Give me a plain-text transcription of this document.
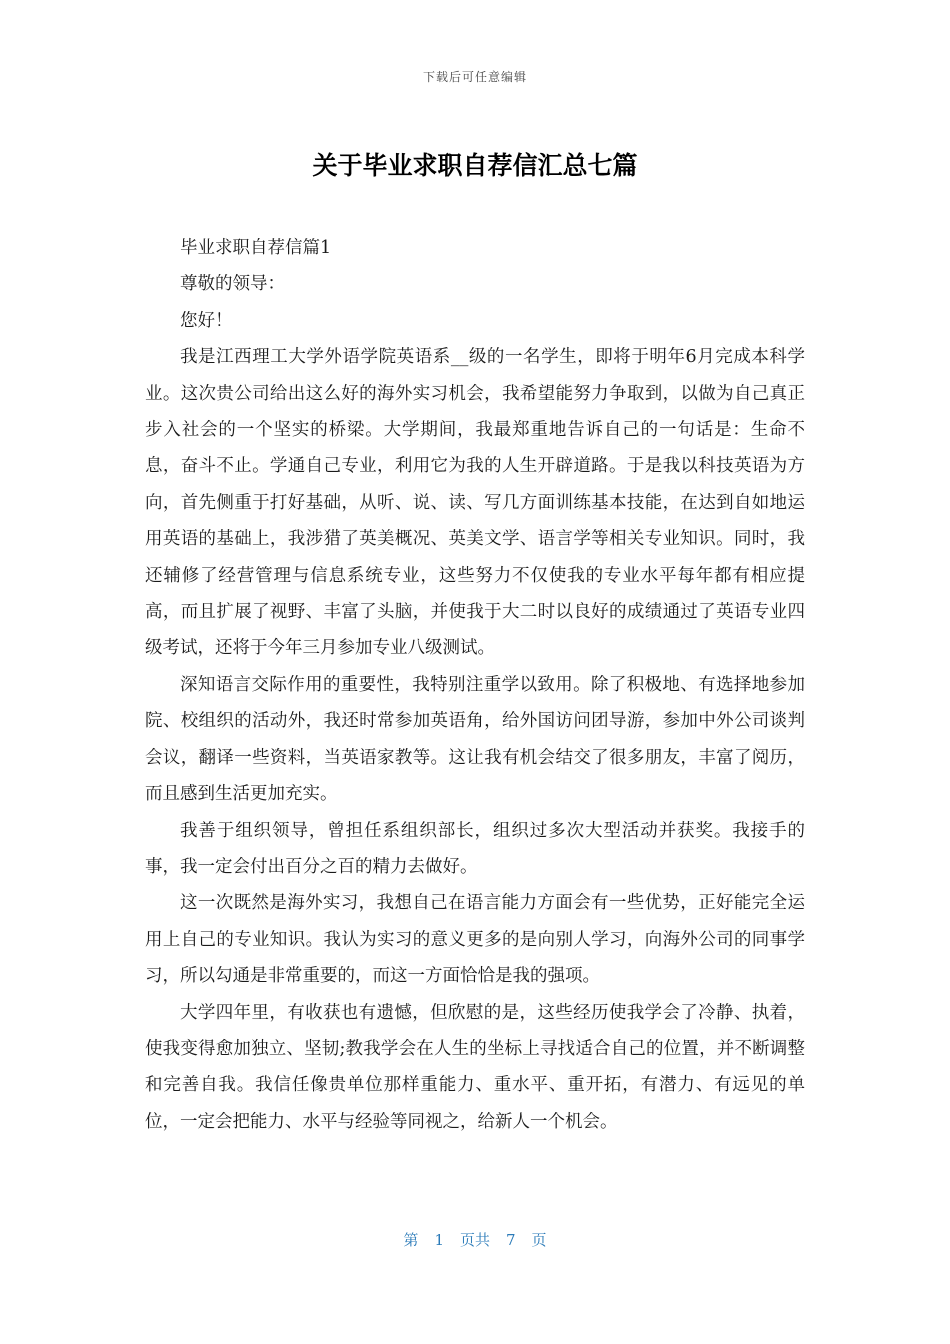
下载后可任意编辑
关于毕业求职自荐信汇总七篇

毕业求职自荐信篇1

尊敬的领导：

您好！

我是江西理工大学外语学院英语系__级的一名学生，即将于明年6月完成本科学业。这次贵公司给出这么好的海外实习机会，我希望能努力争取到，以做为自己真正步入社会的一个坚实的桥梁。大学期间，我最郑重地告诉自己的一句话是：生命不息，奋斗不止。学通自己专业，利用它为我的人生开辟道路。于是我以科技英语为方向，首先侧重于打好基础，从听、说、读、写几方面训练基本技能，在达到自如地运用英语的基础上，我涉猎了英美概况、英美文学、语言学等相关专业知识。同时，我还辅修了经营管理与信息系统专业，这些努力不仅使我的专业水平每年都有相应提高，而且扩展了视野、丰富了头脑，并使我于大二时以良好的成绩通过了英语专业四级考试，还将于今年三月参加专业八级测试。

深知语言交际作用的重要性，我特别注重学以致用。除了积极地、有选择地参加院、校组织的活动外，我还时常参加英语角，给外国访问团导游，参加中外公司谈判会议，翻译一些资料，当英语家教等。这让我有机会结交了很多朋友，丰富了阅历，而且感到生活更加充实。

我善于组织领导，曾担任系组织部长，组织过多次大型活动并获奖。我接手的事，我一定会付出百分之百的精力去做好。

这一次既然是海外实习，我想自己在语言能力方面会有一些优势，正好能完全运用上自己的专业知识。我认为实习的意义更多的是向别人学习，向海外公司的同事学习，所以勾通是非常重要的，而这一方面恰恰是我的强项。

大学四年里，有收获也有遗憾，但欣慰的是，这些经历使我学会了冷静、执着，使我变得愈加独立、坚韧;教我学会在人生的坐标上寻找适合自己的位置，并不断调整和完善自我。我信任像贵单位那样重能力、重水平、重开拓，有潜力、有远见的单位，一定会把能力、水平与经验等同视之，给新人一个机会。

第 1 页共 7 页
